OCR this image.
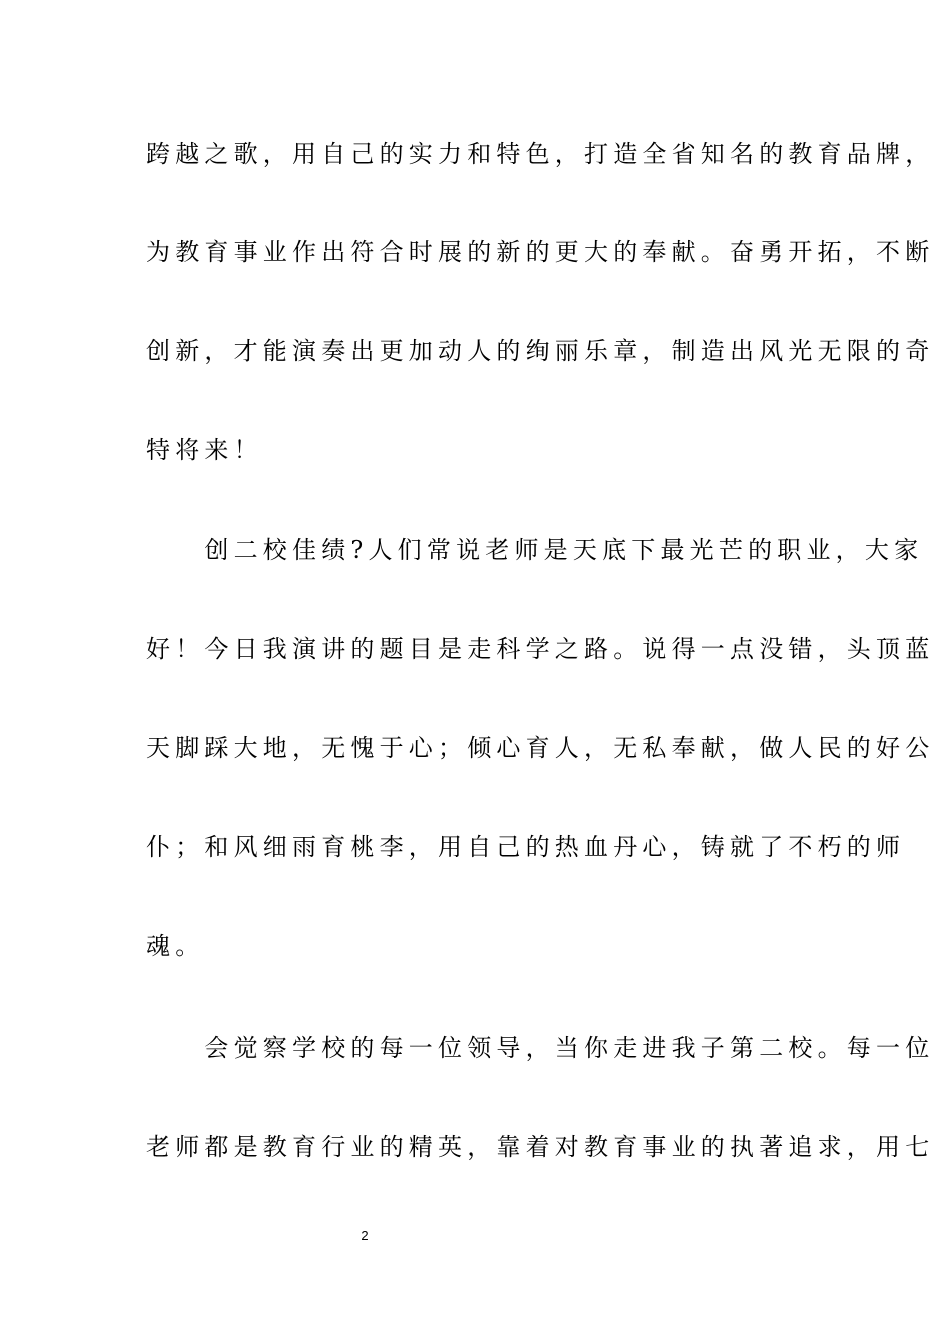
跨越之歌，用自己的实力和特色，打造全省知名的教育品牌，
为教育事业作出符合时展的新的更大的奉献。奋勇开拓，不断
创新，才能演奏出更加动人的绚丽乐章，制造出风光无限的奇
特将来！
　　创二校佳绩?人们常说老师是天底下最光芒的职业，大家
好！今日我演讲的题目是走科学之路。说得一点没错，头顶蓝
天脚踩大地，无愧于心；倾心育人，无私奉献，做人民的好公
仆；和风细雨育桃李，用自己的热血丹心，铸就了不朽的师
魂。
　　会觉察学校的每一位领导，当你走进我子第二校。每一位
老师都是教育行业的精英，靠着对教育事业的执著追求，用七
2
